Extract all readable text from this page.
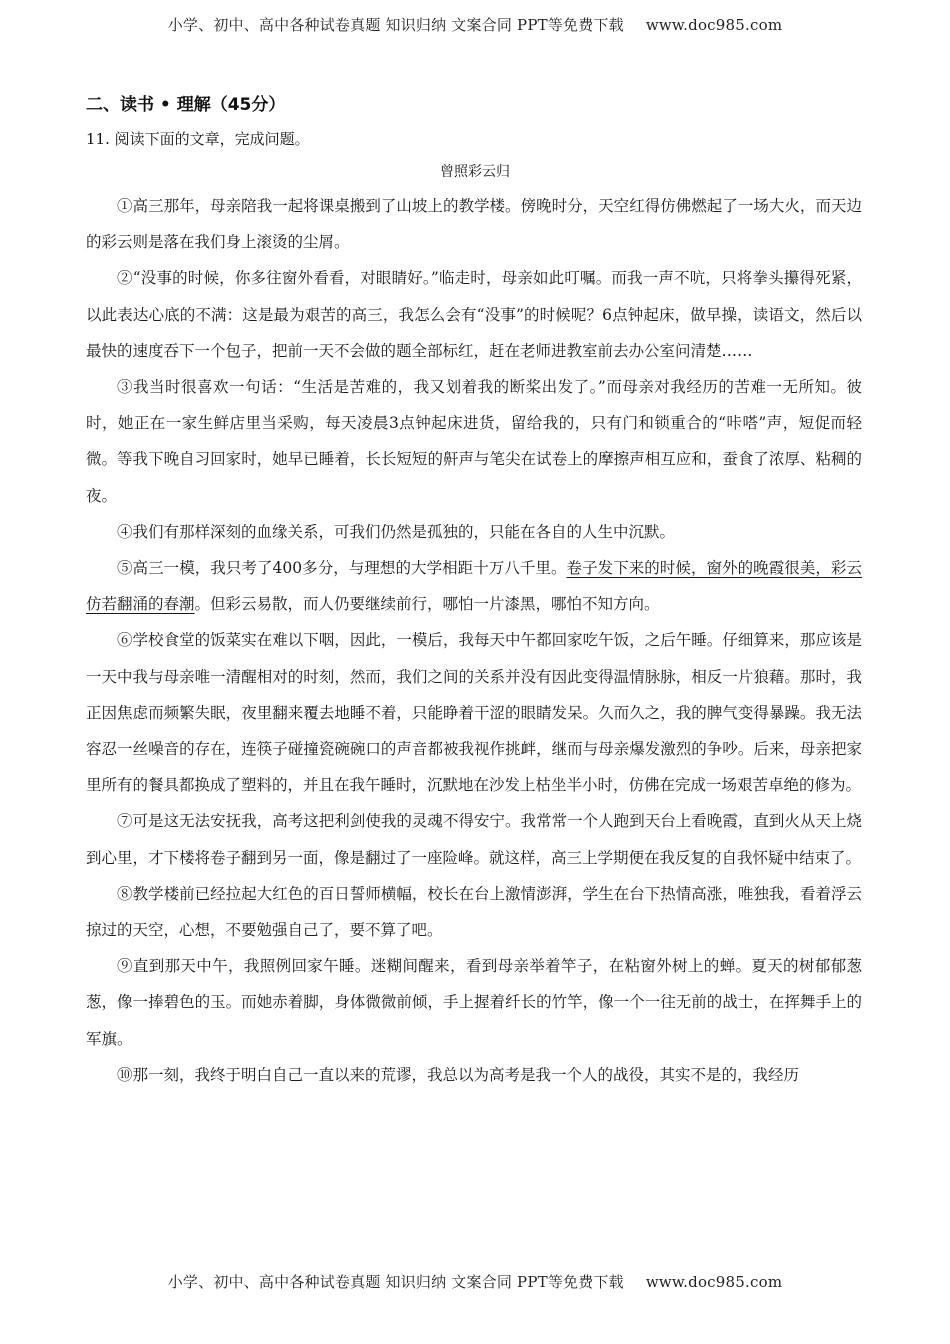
小学、初中、高中各种试卷真题 知识归纳 文案合同 PPT等免费下载 www.doc985.com
二、读书 • 理解（45分）
11. 阅读下面的文章，完成问题。
曾照彩云归

①高三那年，母亲陪我一起将课桌搬到了山坡上的教学楼。傍晚时分，天空红得仿佛燃起了一场大火，而天边的彩云则是落在我们身上滚烫的尘屑。

②“没事的时候，你多往窗外看看，对眼睛好。”临走时，母亲如此叮嘱。而我一声不吭，只将拳头攥得死紧，以此表达心底的不满：这是最为艰苦的高三，我怎么会有“没事”的时候呢？6点钟起床，做早操，读语文，然后以最快的速度吞下一个包子，把前一天不会做的题全部标红，赶在老师进教室前去办公室问清楚……

③我当时很喜欢一句话：“生活是苦难的，我又划着我的断桨出发了。”而母亲对我经历的苦难一无所知。彼时，她正在一家生鲜店里当采购，每天凌晨3点钟起床进货，留给我的，只有门和锁重合的“咔嗒”声，短促而轻微。等我下晚自习回家时，她早已睡着，长长短短的鼾声与笔尖在试卷上的摩擦声相互应和，蚕食了浓厚、粘稠的夜。

④我们有那样深刻的血缘关系，可我们仍然是孤独的，只能在各自的人生中沉默。

⑤高三一模，我只考了400多分，与理想的大学相距十万八千里。卷子发下来的时候，窗外的晚霞很美，彩云仿若翻涌的春潮。但彩云易散，而人仍要继续前行，哪怕一片漆黑，哪怕不知方向。

⑥学校食堂的饭菜实在难以下咽，因此，一模后，我每天中午都回家吃午饭，之后午睡。仔细算来，那应该是一天中我与母亲唯一清醒相对的时刻，然而，我们之间的关系并没有因此变得温情脉脉，相反一片狼藉。那时，我正因焦虑而频繁失眠，夜里翻来覆去地睡不着，只能睁着干涩的眼睛发呆。久而久之，我的脾气变得暴躁。我无法容忍一丝噪音的存在，连筷子碰撞瓷碗碗口的声音都被我视作挑衅，继而与母亲爆发激烈的争吵。后来，母亲把家里所有的餐具都换成了塑料的，并且在我午睡时，沉默地在沙发上枯坐半小时，仿佛在完成一场艰苦卓绝的修为。

⑦可是这无法安抚我，高考这把利剑使我的灵魂不得安宁。我常常一个人跑到天台上看晚霞，直到火从天上烧到心里，才下楼将卷子翻到另一面，像是翻过了一座险峰。就这样，高三上学期便在我反复的自我怀疑中结束了。

⑧教学楼前已经拉起大红色的百日誓师横幅，校长在台上激情澎湃，学生在台下热情高涨，唯独我，看着浮云掠过的天空，心想，不要勉强自己了，要不算了吧。

⑨直到那天中午，我照例回家午睡。迷糊间醒来，看到母亲举着竿子，在粘窗外树上的蝉。夏天的树郁郁葱葱，像一捧碧色的玉。而她赤着脚，身体微微前倾，手上握着纤长的竹竿，像一个一往无前的战士，在挥舞手上的军旗。

⑩那一刻，我终于明白自己一直以来的荒谬，我总以为高考是我一个人的战役，其实不是的，我经历

小学、初中、高中各种试卷真题 知识归纳 文案合同 PPT等免费下载 www.doc985.com
